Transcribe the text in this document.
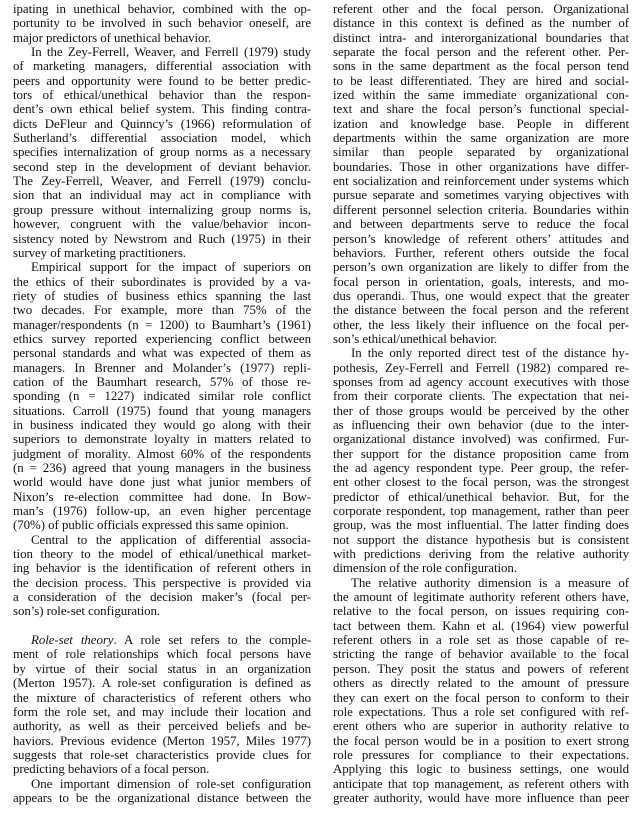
ipating in unethical behavior, combined with the op-
portunity to be involved in such behavior oneself, are
major predictors of unethical behavior.
In the Zey-Ferrell, Weaver, and Ferrell (1979) study
of marketing managers, differential association with
peers and opportunity were found to be better predic-
tors of ethical/unethical behavior than the respon-
dent’s own ethical belief system. This finding contra-
dicts DeFleur and Quinncy’s (1966) reformulation of
Sutherland’s differential association model, which
specifies internalization of group norms as a necessary
second step in the development of deviant behavior.
The Zey-Ferrell, Weaver, and Ferrell (1979) conclu-
sion that an individual may act in compliance with
group pressure without internalizing group norms is,
however, congruent with the value/behavior incon-
sistency noted by Newstrom and Ruch (1975) in their
survey of marketing practitioners.
Empirical support for the impact of superiors on
the ethics of their subordinates is provided by a va-
riety of studies of business ethics spanning the last
two decades. For example, more than 75% of the
manager/respondents (n = 1200) to Baumhart’s (1961)
ethics survey reported experiencing conflict between
personal standards and what was expected of them as
managers. In Brenner and Molander’s (1977) repli-
cation of the Baumhart research, 57% of those re-
sponding (n = 1227) indicated similar role conflict
situations. Carroll (1975) found that young managers
in business indicated they would go along with their
superiors to demonstrate loyalty in matters related to
judgment of morality. Almost 60% of the respondents
(n = 236) agreed that young managers in the business
world would have done just what junior members of
Nixon’s re-election committee had done. In Bow-
man’s (1976) follow-up, an even higher percentage
(70%) of public officials expressed this same opinion.
Central to the application of differential associa-
tion theory to the model of ethical/unethical market-
ing behavior is the identification of referent others in
the decision process. This perspective is provided via
a consideration of the decision maker’s (focal per-
son’s) role-set configuration.
Role-set theory. A role set refers to the comple-
ment of role relationships which focal persons have
by virtue of their social status in an organization
(Merton 1957). A role-set configuration is defined as
the mixture of characteristics of referent others who
form the role set, and may include their location and
authority, as well as their perceived beliefs and be-
haviors. Previous evidence (Merton 1957, Miles 1977)
suggests that role-set characteristics provide clues for
predicting behaviors of a focal person.
One important dimension of role-set configuration
appears to be the organizational distance between the
referent other and the focal person. Organizational
distance in this context is defined as the number of
distinct intra- and interorganizational boundaries that
separate the focal person and the referent other. Per-
sons in the same department as the focal person tend
to be least differentiated. They are hired and social-
ized within the same immediate organizational con-
text and share the focal person’s functional special-
ization and knowledge base. People in different
departments within the same organization are more
similar than people separated by organizational
boundaries. Those in other organizations have differ-
ent socialization and reinforcement under systems which
pursue separate and sometimes varying objectives with
different personnel selection criteria. Boundaries within
and between departments serve to reduce the focal
person’s knowledge of referent others’ attitudes and
behaviors. Further, referent others outside the focal
person’s own organization are likely to differ from the
focal person in orientation, goals, interests, and mo-
dus operandi. Thus, one would expect that the greater
the distance between the focal person and the referent
other, the less likely their influence on the focal per-
son’s ethical/unethical behavior.
In the only reported direct test of the distance hy-
pothesis, Zey-Ferrell and Ferrell (1982) compared re-
sponses from ad agency account executives with those
from their corporate clients. The expectation that nei-
ther of those groups would be perceived by the other
as influencing their own behavior (due to the inter-
organizational distance involved) was confirmed. Fur-
ther support for the distance proposition came from
the ad agency respondent type. Peer group, the refer-
ent other closest to the focal person, was the strongest
predictor of ethical/unethical behavior. But, for the
corporate respondent, top management, rather than peer
group, was the most influential. The latter finding does
not support the distance hypothesis but is consistent
with predictions deriving from the relative authority
dimension of the role configuration.
The relative authority dimension is a measure of
the amount of legitimate authority referent others have,
relative to the focal person, on issues requiring con-
tact between them. Kahn et al. (1964) view powerful
referent others in a role set as those capable of re-
stricting the range of behavior available to the focal
person. They posit the status and powers of referent
others as directly related to the amount of pressure
they can exert on the focal person to conform to their
role expectations. Thus a role set configured with ref-
erent others who are superior in authority relative to
the focal person would be in a position to exert strong
role pressures for compliance to their expectations.
Applying this logic to business settings, one would
anticipate that top management, as referent others with
greater authority, would have more influence than peer
